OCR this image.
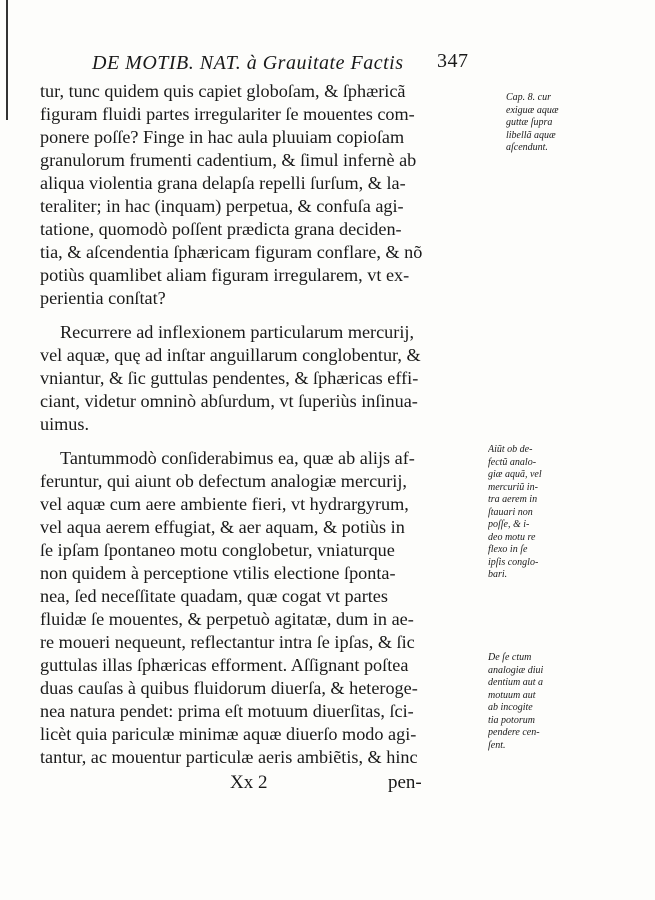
DE MOTIB. NAT. à Grauitate Factis 347
tur, tunc quidem quis capiet globoſam, & ſphæricã
figuram fluidi partes irregulariter ſe mouentes com-
ponere poſſe? Finge in hac aula pluuiam copioſam
granulorum frumenti cadentium, & ſimul infernè ab
aliqua violentia grana delapſa repelli ſurſum, & la-
teraliter; in hac (inquam) perpetua, & confuſa agi-
tatione, quomodò poſſent prædicta grana deciden-
tia, & aſcendentia ſphæricam figuram conflare, & nõ
potiùs quamlibet aliam figuram irregularem, vt ex-
perientia conſtat?
Recurrere ad inflexionem particularum mercurij,
vel aquæ, quę ad inſtar anguillarum conglobentur, &
vniantur, & ſic guttulas pendentes, & ſphæricas effi-
ciant, videtur omninò abſurdum, vt ſuperiùs inſinua-
uimus.
Tantummodò conſiderabimus ea, quæ ab alijs af-
feruntur, qui aiunt ob defectum analogiæ mercurij,
vel aquæ cum aere ambiente fieri, vt hydrargyrum,
vel aqua aerem effugiat, & aer aquam, & potiùs in
ſe ipſam ſpontaneo motu conglobetur, vniaturque
non quidem à perceptione vtilis electione ſponta-
nea, ſed neceſſitate quadam, quæ cogat vt partes
fluidæ ſe mouentes, & perpetuò agitatæ, dum in ae-
re moueri nequeunt, reflectantur intra ſe ipſas, & ſic
guttulas illas ſphæricas efforment. Aſſignant poſtea
duas cauſas à quibus fluidorum diuerſa, & heteroge-
nea natura pendet: prima eſt motuum diuerſitas, ſci-
licèt quia pariculæ minimæ aquæ diuerſo modo agi-
tantur, ac mouentur particulæ aeris ambiẽtis, & hinc
Cap. 8. cur
exiguæ aquæ
guttæ ſupra
libellã aquæ
aſcendunt.
Aiũt ob de-
fectũ analo-
giæ aquã, vel
mercuriũ in-
tra aerem in
ſtauari non
poſſe, & i-
deo motu re
flexo in ſe
ipſis conglo-
bari.
De ſe ctum
analogiæ diui
dentium aut a
motuum aut
ab incogite
tia potorum
pendere cen-
ſent.
Xx 2	pen-
